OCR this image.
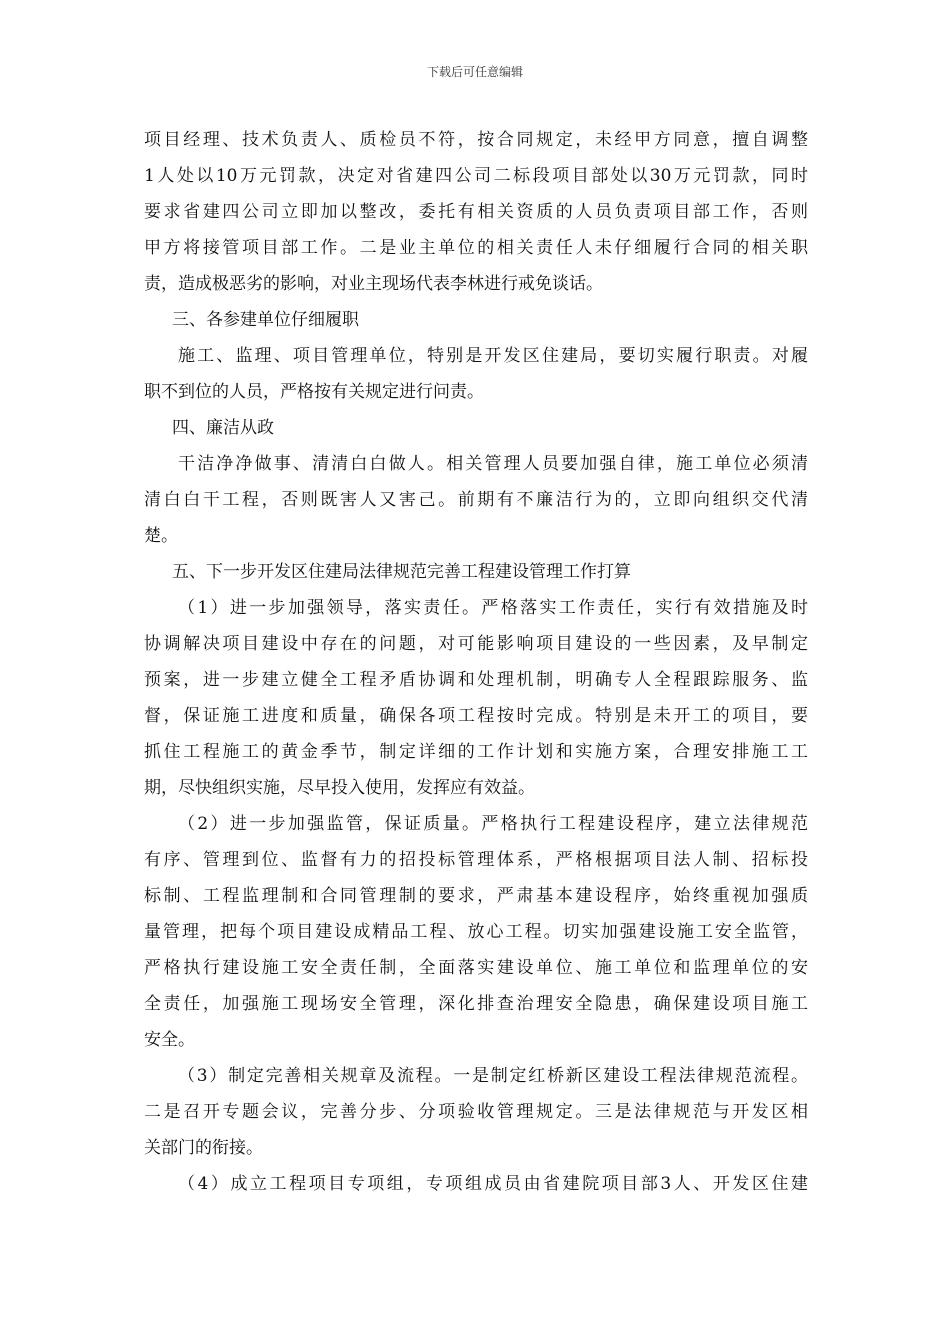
下载后可任意编辑
项目经理、技术负责人、质检员不符，按合同规定，未经甲方同意，擅自调整
1人处以10万元罚款，决定对省建四公司二标段项目部处以30万元罚款，同时
要求省建四公司立即加以整改，委托有相关资质的人员负责项目部工作，否则
甲方将接管项目部工作。二是业主单位的相关责任人未仔细履行合同的相关职
责，造成极恶劣的影响，对业主现场代表李林进行戒免谈话。
三、各参建单位仔细履职
施工、监理、项目管理单位，特别是开发区住建局，要切实履行职责。对履
职不到位的人员，严格按有关规定进行问责。
四、廉洁从政
干洁净净做事、清清白白做人。相关管理人员要加强自律，施工单位必须清
清白白干工程，否则既害人又害己。前期有不廉洁行为的，立即向组织交代清
楚。
五、下一步开发区住建局法律规范完善工程建设管理工作打算
（1）进一步加强领导，落实责任。严格落实工作责任，实行有效措施及时
协调解决项目建设中存在的问题，对可能影响项目建设的一些因素，及早制定
预案，进一步建立健全工程矛盾协调和处理机制，明确专人全程跟踪服务、监
督，保证施工进度和质量，确保各项工程按时完成。特别是未开工的项目，要
抓住工程施工的黄金季节，制定详细的工作计划和实施方案，合理安排施工工
期，尽快组织实施，尽早投入使用，发挥应有效益。
（2）进一步加强监管，保证质量。严格执行工程建设程序，建立法律规范
有序、管理到位、监督有力的招投标管理体系，严格根据项目法人制、招标投
标制、工程监理制和合同管理制的要求，严肃基本建设程序，始终重视加强质
量管理，把每个项目建设成精品工程、放心工程。切实加强建设施工安全监管，
严格执行建设施工安全责任制，全面落实建设单位、施工单位和监理单位的安
全责任，加强施工现场安全管理，深化排查治理安全隐患，确保建设项目施工
安全。
（3）制定完善相关规章及流程。一是制定红桥新区建设工程法律规范流程。
二是召开专题会议，完善分步、分项验收管理规定。三是法律规范与开发区相
关部门的衔接。
（4）成立工程项目专项组，专项组成员由省建院项目部3人、开发区住建
